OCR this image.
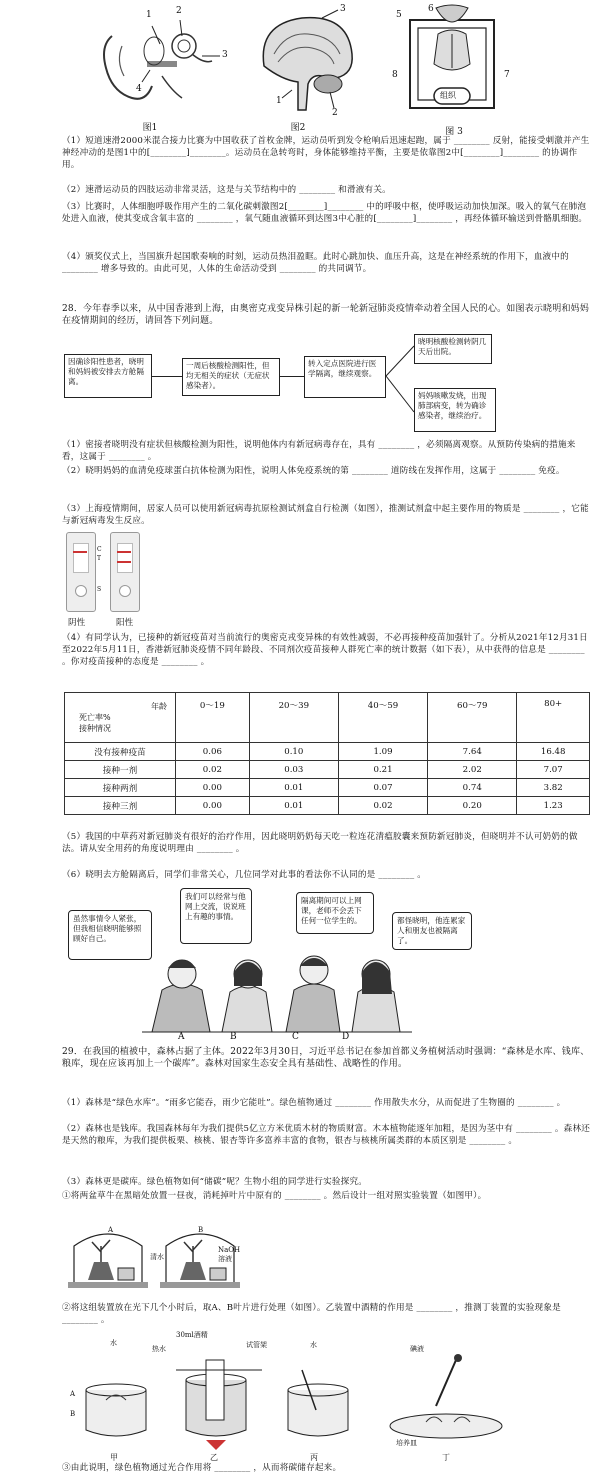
1	2
3
4
图1
3
1
2
图2
组织
5
6
7
8
图 3
（1）短道速滑2000米混合接力比赛为中国收获了首枚金牌，运动员听到发令枪响后迅速起跑，属于 ________ 反射，能接受刺激并产生神经冲动的是图1中的[________]________。运动员在急转弯时，身体能够维持平衡，主要是依靠图2中[________]________ 的协调作用。
（2）速滑运动员的四肢运动非常灵活，这是与关节结构中的 ________ 和滑液有关。
（3）比赛时，人体细胞呼吸作用产生的二氧化碳刺激图2[________]________ 中的呼吸中枢，使呼吸运动加快加深。吸入的氧气在肺泡处进入血液，使其变成含氧丰富的 ________ ，氧气随血液循环到达图3中心脏的[________]________ ，再经体循环输送到骨骼肌细胞。
（4）颁奖仪式上，当国旗升起国歌奏响的时刻，运动员热泪盈眶。此时心跳加快、血压升高，这是在神经系统的作用下，血液中的 ________ 增多导致的。由此可见，人体的生命活动受到 ________ 的共同调节。
28．今年春季以来，从中国香港到上海，由奥密克戎变异株引起的新一轮新冠肺炎疫情牵动着全国人民的心。如图表示晓明和妈妈在疫情期间的经历，请回答下列问题。
因确诊阳性患者，晓明和妈妈被安排去方舱隔离。
一周后核酸检测阳性，但均无相关的症状（无症状感染者）。
转入定点医院进行医学隔离，继续观察。
晓明核酸检测转阴几天后出院。
妈妈咳嗽发烧，出现肺部病变，转为确诊感染者，继续治疗。
（1）密接者晓明没有症状但核酸检测为阳性，说明他体内有新冠病毒存在，具有 ________ ，必须隔离观察。从预防传染病的措施来看，这属于 ________ 。
（2）晓明妈妈的血清免疫球蛋白抗体检测为阳性，说明人体免疫系统的第 ________ 道防线在发挥作用，这属于 ________ 免疫。
（3）上海疫情期间，居家人员可以使用新冠病毒抗原检测试剂盒自行检测（如图），推测试剂盒中起主要作用的物质是 ________ ，它能与新冠病毒发生反应。
C
T
S
阴性	阳性
（4）有同学认为，已接种的新冠疫苗对当前流行的奥密克戎变异株的有效性减弱，不必再接种疫苗加强针了。分析从2021年12月31日至2022年5月11日，香港新冠肺炎疫情不同年龄段、不同剂次疫苗接种人群死亡率的统计数据（如下表），从中获得的信息是 ________ 。你对疫苗接种的态度是 ________ 。
年龄
死亡率%
接种情况	0～19	20～39	40～59	60～79	80+
没有接种疫苗	0.06	0.10	1.09	7.64	16.48
接种一剂	0.02	0.03	0.21	2.02	7.07
接种两剂	0.00	0.01	0.07	0.74	3.82
接种三剂	0.00	0.01	0.02	0.20	1.23
（5）我国的中草药对新冠肺炎有很好的治疗作用，因此晓明奶奶每天吃一粒连花清瘟胶囊来预防新冠肺炎，但晓明并不认可奶奶的做法。请从安全用药的角度说明理由 ________ 。
（6）晓明去方舱隔离后，同学们非常关心，几位同学对此事的看法你不认同的是 ________ 。
虽然事情令人紧张，但我相信晓明能够照顾好自己。
我们可以经常与他网上交流，说说班上有趣的事情。
隔离期间可以上网课，老师不会丢下任何一位学生的。	都怪晓明，他连累家人和朋友也被隔离了。
A	B	C	D
29．在我国的植被中，森林占据了主体。2022年3月30日，习近平总书记在参加首都义务植树活动时强调：“森林是水库、钱库、粮库，现在应该再加上一个碳库”。森林对国家生态安全具有基础性、战略性的作用。
（1）森林是“绿色水库”。“雨多它能吞，雨少它能吐”。绿色植物通过 ________ 作用散失水分，从而促进了生物圈的 ________ 。
（2）森林也是钱库。我国森林每年为我们提供5亿立方米优质木材的物质财富。木本植物能逐年加粗，是因为茎中有 ________ 。森林还是天然的粮库，为我们提供板栗、核桃、银杏等许多富养丰富的食物，银杏与核桃所属类群的本质区别是 ________ 。
（3）森林更是碳库。绿色植物如何“储碳”呢？生物小组的同学进行实验探究。
①将两盆草牛在黑暗处放置一昼夜，消耗掉叶片中原有的 ________ 。然后设计一组对照实验装置（如图甲）。
A	B
清水
NaOH 溶液
②将这组装置放在光下几个小时后，取A、B叶片进行处理（如图）。乙装置中酒精的作用是 ________ ，推测丁装置的实验现象是 ________ 。
水
热水
30ml酒精
试管架	水	碘液
培养皿
A
B
甲	乙	丙	丁
③由此说明，绿色植物通过光合作用将 ________ ，从而将碳储存起来。
